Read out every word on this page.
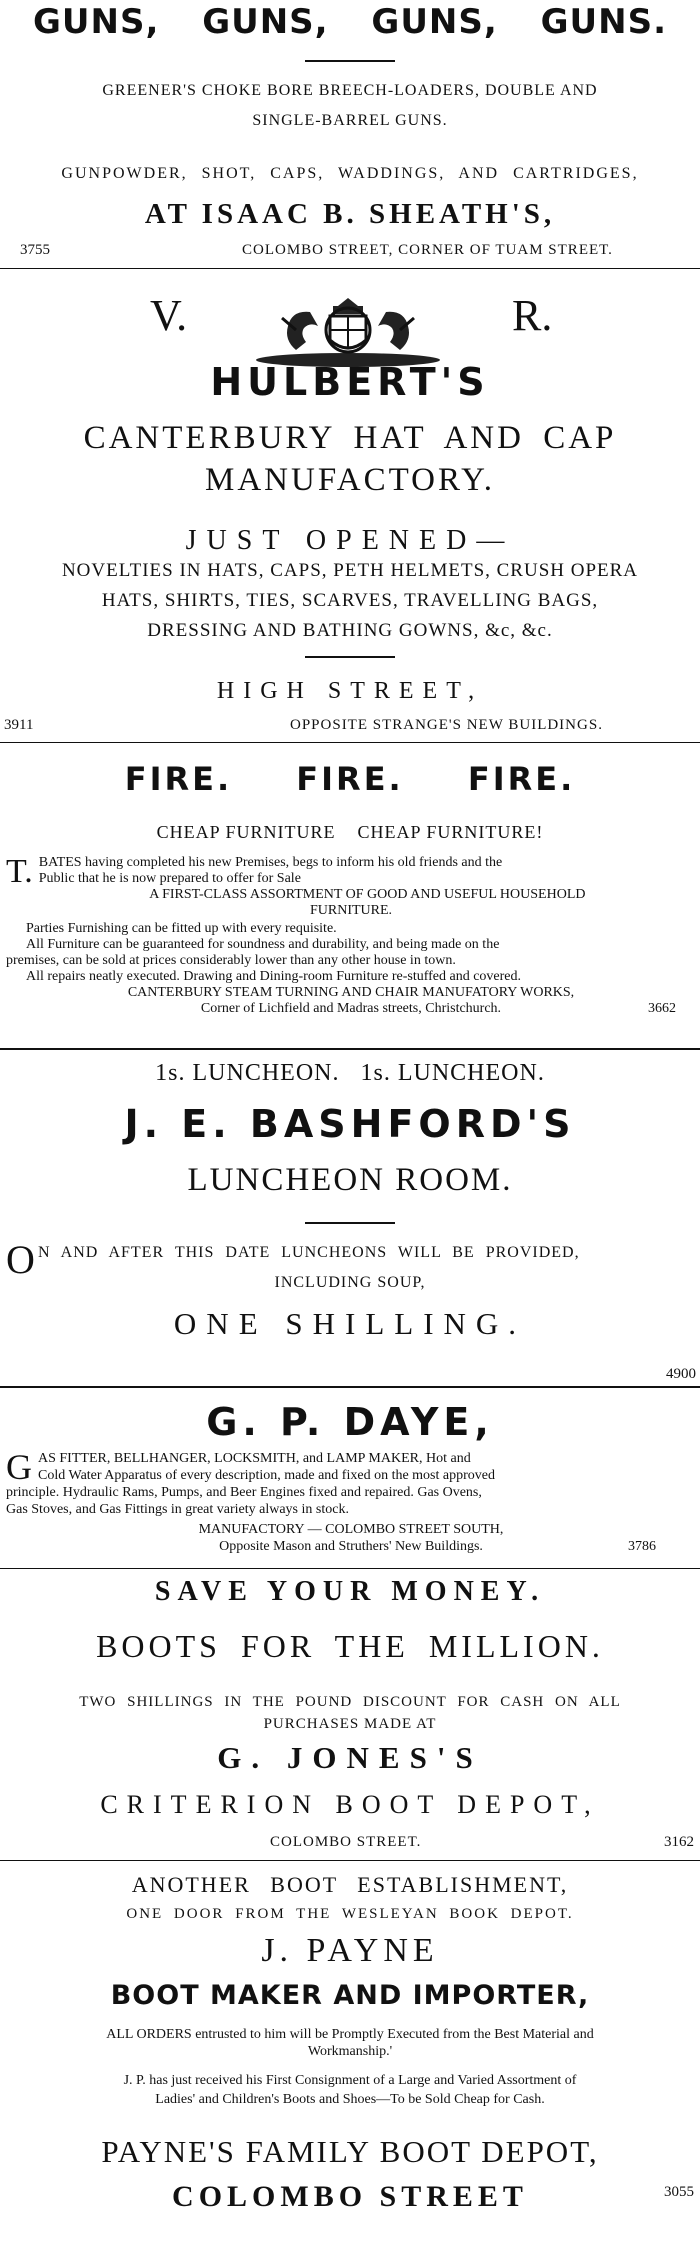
GUNS, GUNS, GUNS, GUNS.
GREENER'S CHOKE BORE BREECH-LOADERS, DOUBLE AND
SINGLE-BARREL GUNS.
GUNPOWDER, SHOT, CAPS, WADDINGS, AND CARTRIDGES,
AT ISAAC B. SHEATH'S,
3755	COLOMBO STREET, CORNER OF TUAM STREET.
V.	R.
HULBERT'S
CANTERBURY HAT AND CAP
MANUFACTORY.
JUST OPENED—
NOVELTIES IN HATS, CAPS, PETH HELMETS, CRUSH OPERA
HATS, SHIRTS, TIES, SCARVES, TRAVELLING BAGS,
DRESSING AND BATHING GOWNS, &c, &c.
HIGH STREET,
3911	OPPOSITE STRANGE'S NEW BUILDINGS.
FIRE. FIRE. FIRE.
CHEAP FURNITURE    CHEAP FURNITURE!
T. BATES having completed his new Premises, begs to inform his old friends and the
Public that he is now prepared to offer for Sale
A FIRST-CLASS ASSORTMENT OF GOOD AND USEFUL HOUSEHOLD
FURNITURE.
Parties Furnishing can be fitted up with every requisite.
All Furniture can be guaranteed for soundness and durability, and being made on the
premises, can be sold at prices considerably lower than any other house in town.
All repairs neatly executed. Drawing and Dining-room Furniture re-stuffed and covered.
CANTERBURY STEAM TURNING AND CHAIR MANUFATORY WORKS,
Corner of Lichfield and Madras streets, Christchurch.	3662
1s. LUNCHEON.   1s. LUNCHEON.
J. E. BASHFORD'S
LUNCHEON ROOM.
O N AND AFTER THIS DATE LUNCHEONS WILL BE PROVIDED,
INCLUDING SOUP,
ONE SHILLING.
4900
G. P. DAYE,
G AS FITTER, BELLHANGER, LOCKSMITH, and LAMP MAKER, Hot and
Cold Water Apparatus of every description, made and fixed on the most approved
principle. Hydraulic Rams, Pumps, and Beer Engines fixed and repaired. Gas Ovens,
Gas Stoves, and Gas Fittings in great variety always in stock.
MANUFACTORY — COLOMBO STREET SOUTH,
Opposite Mason and Struthers' New Buildings.	3786
SAVE YOUR MONEY.
BOOTS FOR THE MILLION.
TWO SHILLINGS IN THE POUND DISCOUNT FOR CASH ON ALL
PURCHASES MADE AT
G. JONES'S
CRITERION BOOT DEPOT,
COLOMBO STREET.	3162
ANOTHER BOOT ESTABLISHMENT,
ONE DOOR FROM THE WESLEYAN BOOK DEPOT.
J. PAYNE
BOOT MAKER AND IMPORTER,
ALL ORDERS entrusted to him will be Promptly Executed from the Best Material and
Workmanship.'
J. P. has just received his First Consignment of a Large and Varied Assortment of
Ladies' and Children's Boots and Shoes—To be Sold Cheap for Cash.
PAYNE'S FAMILY BOOT DEPOT,
COLOMBO STREET	3055
